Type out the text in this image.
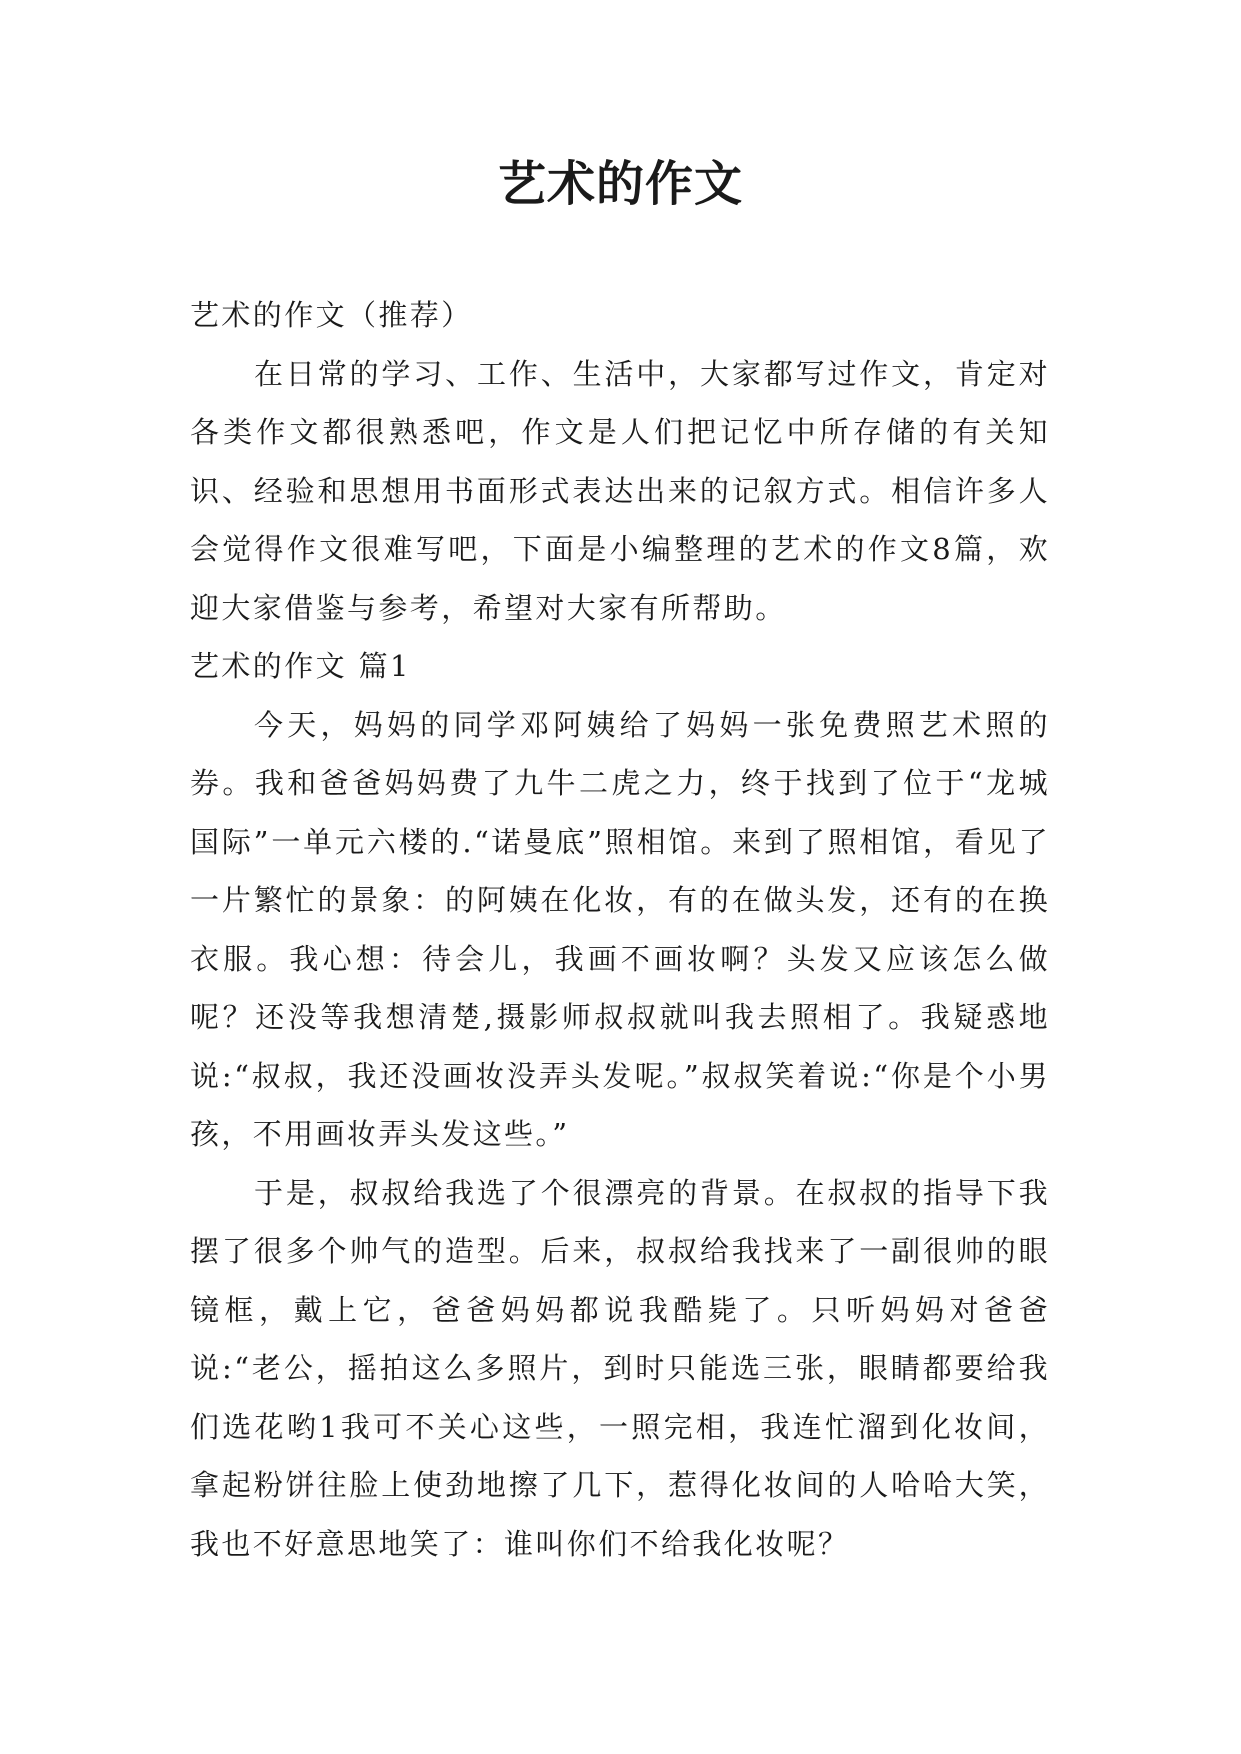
艺术的作文

艺术的作文（推荐）

在日常的学习、工作、生活中，大家都写过作文，肯定对各类作文都很熟悉吧，作文是人们把记忆中所存储的有关知识、经验和思想用书面形式表达出来的记叙方式。相信许多人会觉得作文很难写吧，下面是小编整理的艺术的作文8篇，欢迎大家借鉴与参考，希望对大家有所帮助。

艺术的作文 篇1

今天，妈妈的同学邓阿姨给了妈妈一张免费照艺术照的券。我和爸爸妈妈费了九牛二虎之力，终于找到了位于“龙城国际”一单元六楼的.“诺曼底”照相馆。来到了照相馆，看见了一片繁忙的景象：的阿姨在化妆，有的在做头发，还有的在换衣服。我心想：待会儿，我画不画妆啊？头发又应该怎么做呢？还没等我想清楚,摄影师叔叔就叫我去照相了。我疑惑地说:“叔叔，我还没画妆没弄头发呢。”叔叔笑着说:“你是个小男孩，不用画妆弄头发这些。”

于是，叔叔给我选了个很漂亮的背景。在叔叔的指导下我摆了很多个帅气的造型。后来，叔叔给我找来了一副很帅的眼镜框，戴上它，爸爸妈妈都说我酷毙了。只听妈妈对爸爸说:“老公，摇拍这么多照片，到时只能选三张，眼睛都要给我们选花哟1我可不关心这些，一照完相，我连忙溜到化妆间，拿起粉饼往脸上使劲地擦了几下，惹得化妆间的人哈哈大笑，我也不好意思地笑了：谁叫你们不给我化妆呢？
